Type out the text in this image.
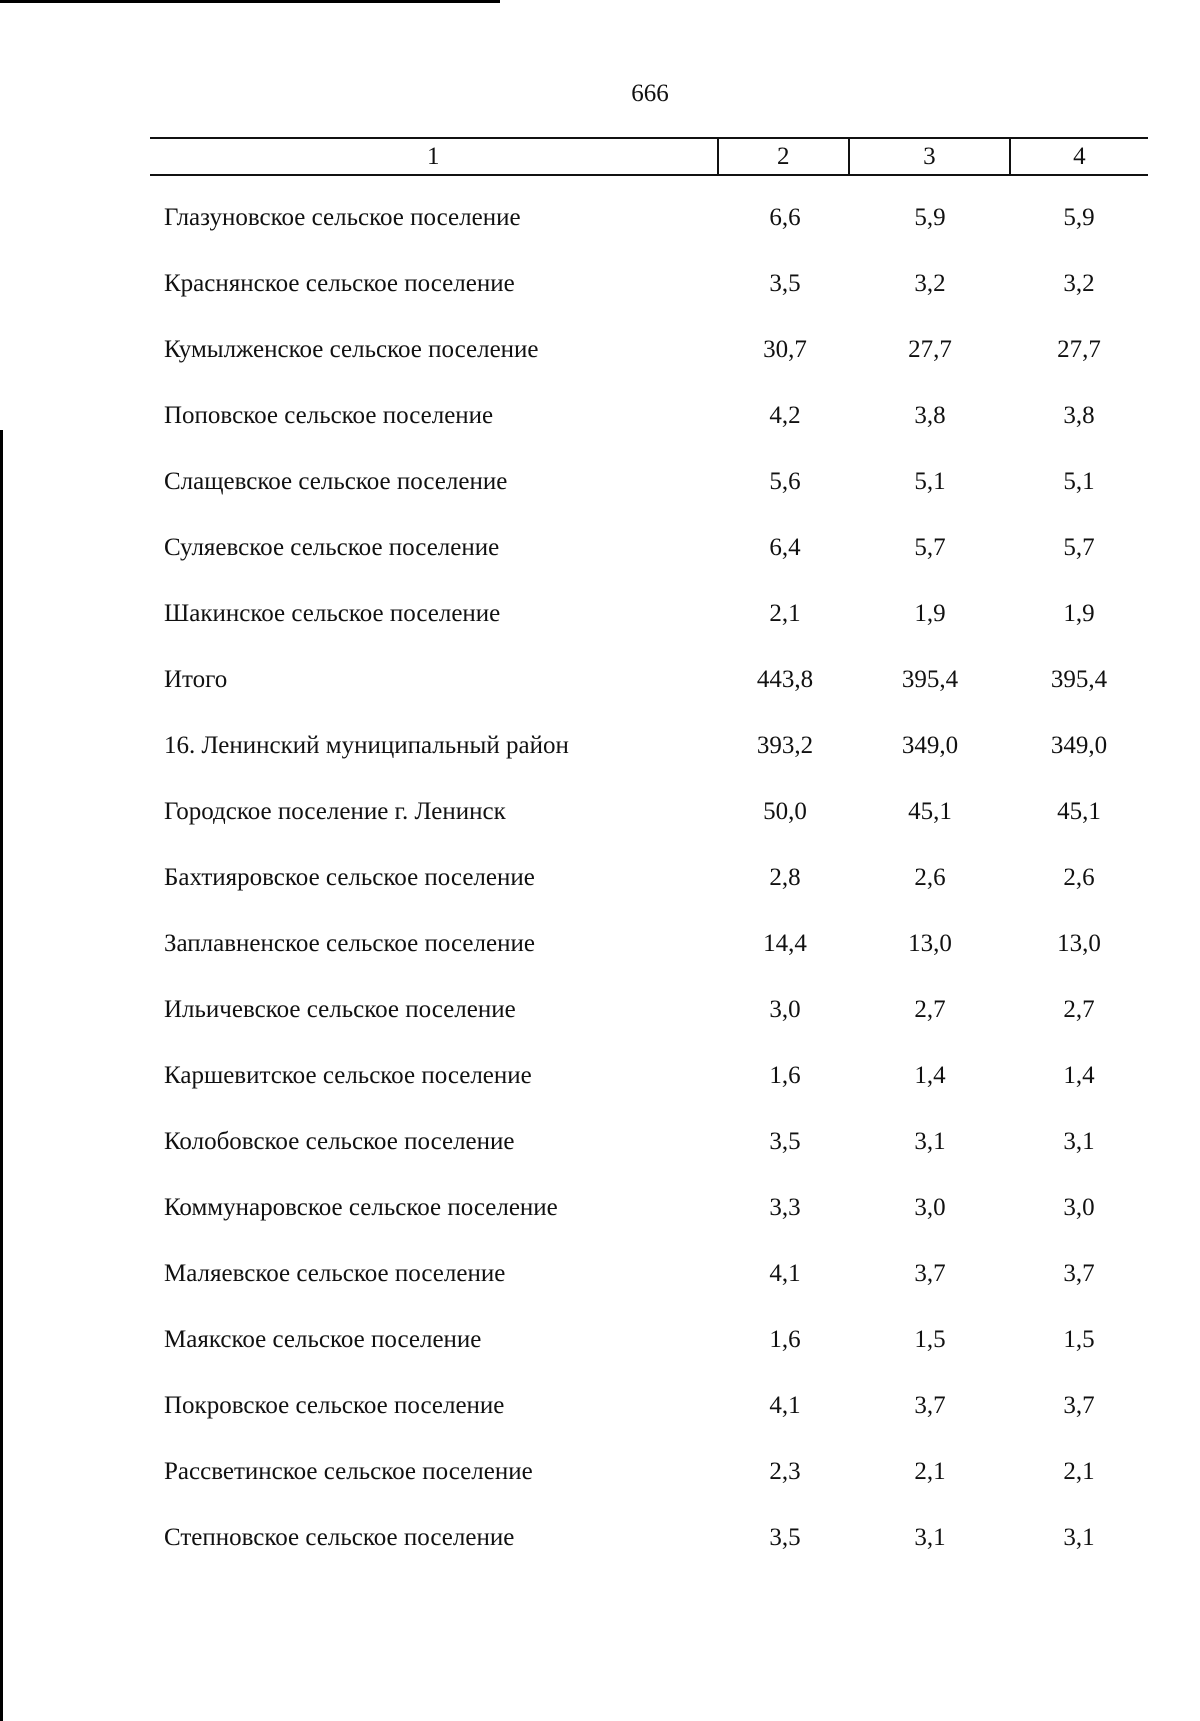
666
1	2	3	4
Глазуновское сельское поселение	6,6	5,9	5,9
Краснянское сельское поселение	3,5	3,2	3,2
Кумылженское сельское поселение	30,7	27,7	27,7
Поповское сельское поселение	4,2	3,8	3,8
Слащевское сельское поселение	5,6	5,1	5,1
Суляевское сельское поселение	6,4	5,7	5,7
Шакинское сельское поселение	2,1	1,9	1,9
Итого	443,8	395,4	395,4
16. Ленинский муниципальный район	393,2	349,0	349,0
Городское поселение г. Ленинск	50,0	45,1	45,1
Бахтияровское сельское поселение	2,8	2,6	2,6
Заплавненское сельское поселение	14,4	13,0	13,0
Ильичевское сельское поселение	3,0	2,7	2,7
Каршевитское сельское поселение	1,6	1,4	1,4
Колобовское сельское поселение	3,5	3,1	3,1
Коммунаровское сельское поселение	3,3	3,0	3,0
Маляевское сельское поселение	4,1	3,7	3,7
Маякское сельское поселение	1,6	1,5	1,5
Покровское сельское поселение	4,1	3,7	3,7
Рассветинское сельское поселение	2,3	2,1	2,1
Степновское сельское поселение	3,5	3,1	3,1
